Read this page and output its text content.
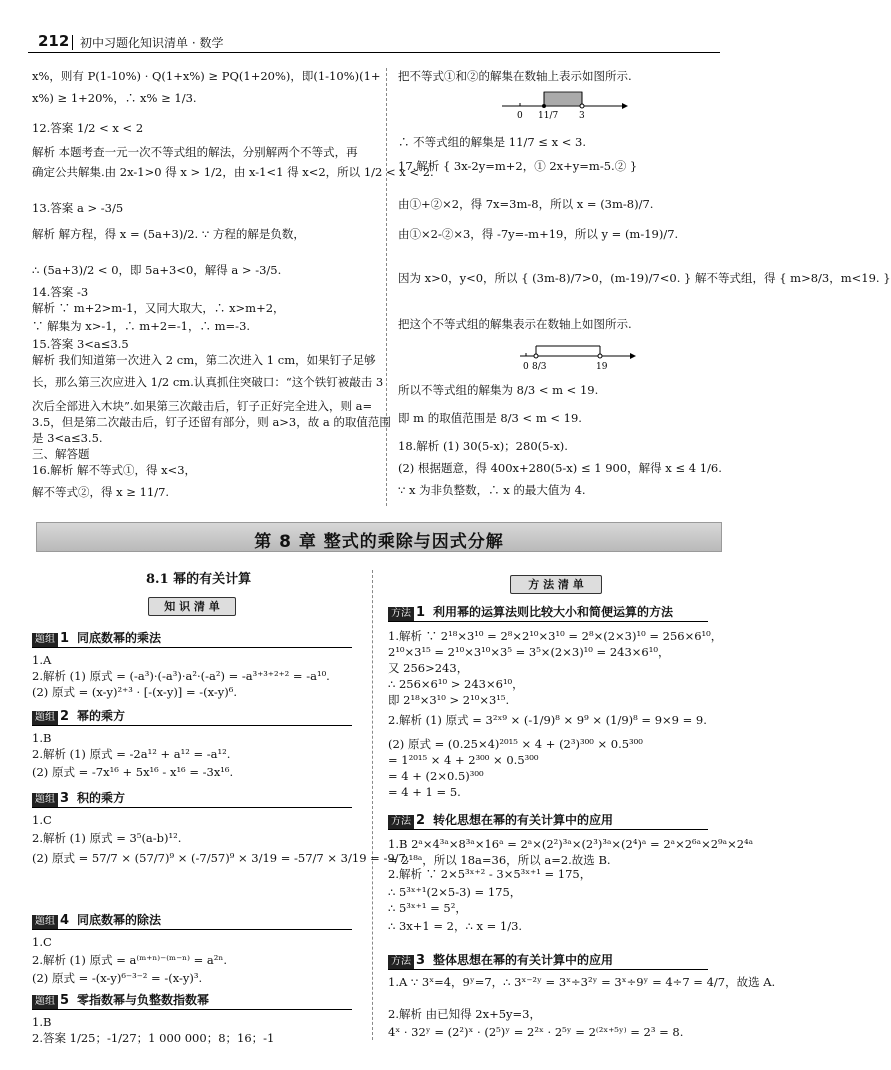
212 初中习题化知识清单 · 数学
x%，则有 P(1-10%) · Q(1+x%) ≥ PQ(1+20%)，即(1-10%)(1+
x%) ≥ 1+20%，∴ x% ≥ 1/3.
12.答案 1/2 < x < 2
解析 本题考查一元一次不等式组的解法，分别解两个不等式，再
确定公共解集.由 2x-1>0 得 x > 1/2，由 x-1<1 得 x<2，所以 1/2 < x < 2.
13.答案 a > -3/5
解析 解方程，得 x = (5a+3)/2. ∵ 方程的解是负数，
∴ (5a+3)/2 < 0，即 5a+3<0，解得 a > -3/5.
14.答案 -3
解析 ∵ m+2>m-1，又同大取大，∴ x>m+2，
∵ 解集为 x>-1，∴ m+2=-1，∴ m=-3.
15.答案 3<a≤3.5
解析 我们知道第一次进入 2 cm，第二次进入 1 cm，如果钉子足够
长，那么第三次应进入 1/2 cm.认真抓住突破口：“这个铁钉被敲击 3
次后全部进入木块”.如果第三次敲击后，钉子正好完全进入，则 a=
3.5，但是第二次敲击后，钉子还留有部分，则 a>3，故 a 的取值范围
是 3<a≤3.5.
三、解答题
16.解析 解不等式①，得 x<3，
解不等式②，得 x ≥ 11/7.
把不等式①和②的解集在数轴上表示如图所示.
∴ 不等式组的解集是 11/7 ≤ x < 3.
17.解析 { 3x-2y=m+2，① 2x+y=m-5.② }
由①+②×2，得 7x=3m-8，所以 x = (3m-8)/7.
由①×2-②×3，得 -7y=-m+19，所以 y = (m-19)/7.
因为 x>0，y<0，所以 { (3m-8)/7>0，(m-19)/7<0. } 解不等式组，得 { m>8/3，m<19. }
把这个不等式组的解集表示在数轴上如图所示.
所以不等式组的解集为 8/3 < m < 19.
即 m 的取值范围是 8/3 < m < 19.
18.解析 (1) 30(5-x)；280(5-x).
(2) 根据题意，得 400x+280(5-x) ≤ 1 900，解得 x ≤ 4 1/6.
∵ x 为非负整数，∴ x 的最大值为 4.
0 11/7 3
0 8/3	19
第 8 章 整式的乘除与因式分解
8.1 幂的有关计算
知 识 清 单
方 法 清 单
题组 1 同底数幂的乘法
1.A
2.解析 (1) 原式 = (-a³)·(-a³)·a²·(-a²) = -a³⁺³⁺²⁺² = -a¹⁰.
(2) 原式 = (x-y)²⁺³ · [-(x-y)] = -(x-y)⁶.
题组 2 幂的乘方
1.B
2.解析 (1) 原式 = -2a¹² + a¹² = -a¹².
(2) 原式 = -7x¹⁶ + 5x¹⁶ - x¹⁶ = -3x¹⁶.
题组 3 积的乘方
1.C
2.解析 (1) 原式 = 3⁵(a-b)¹².
(2) 原式 = 57/7 × (57/7)⁹ × (-7/57)⁹ × 3/19 = -57/7 × 3/19 = -9/7.
题组 4 同底数幂的除法
1.C
2.解析 (1) 原式 = a⁽ᵐ⁺ⁿ⁾⁻⁽ᵐ⁻ⁿ⁾ = a²ⁿ.
(2) 原式 = -(x-y)⁶⁻³⁻² = -(x-y)³.
题组 5 零指数幂与负整数指数幂
1.B
2.答案 1/25；-1/27；1 000 000；8；16；-1
方法 1 利用幂的运算法则比较大小和简便运算的方法
1.解析 ∵ 2¹⁸×3¹⁰ = 2⁸×2¹⁰×3¹⁰ = 2⁸×(2×3)¹⁰ = 256×6¹⁰，
2¹⁰×3¹⁵ = 2¹⁰×3¹⁰×3⁵ = 3⁵×(2×3)¹⁰ = 243×6¹⁰，
又 256>243，
∴ 256×6¹⁰ > 243×6¹⁰，
即 2¹⁸×3¹⁰ > 2¹⁰×3¹⁵.
2.解析 (1) 原式 = 3²ˣ⁹ × (-1/9)⁸ × 9⁹ × (1/9)⁸ = 9×9 = 9.
(2) 原式 = (0.25×4)²⁰¹⁵ × 4 + (2³)³⁰⁰ × 0.5³⁰⁰
= 1²⁰¹⁵ × 4 + 2³⁰⁰ × 0.5³⁰⁰
= 4 + (2×0.5)³⁰⁰
= 4 + 1 = 5.
方法 2 转化思想在幂的有关计算中的应用
1.B 2ᵃ×4³ᵃ×8³ᵃ×16ᵃ = 2ᵃ×(2²)³ᵃ×(2³)³ᵃ×(2⁴)ᵃ = 2ᵃ×2⁶ᵃ×2⁹ᵃ×2⁴ᵃ
= 2¹⁸ᵃ，所以 18a=36，所以 a=2.故选 B.
2.解析 ∵ 2×5³ˣ⁺² - 3×5³ˣ⁺¹ = 175，
∴ 5³ˣ⁺¹(2×5-3) = 175，
∴ 5³ˣ⁺¹ = 5²，
∴ 3x+1 = 2，∴ x = 1/3.
方法 3 整体思想在幂的有关计算中的应用
1.A ∵ 3ˣ=4，9ʸ=7，∴ 3ˣ⁻²ʸ = 3ˣ÷3²ʸ = 3ˣ÷9ʸ = 4÷7 = 4/7，故选 A.
2.解析 由已知得 2x+5y=3，
4ˣ · 32ʸ = (2²)ˣ · (2⁵)ʸ = 2²ˣ · 2⁵ʸ = 2⁽²ˣ⁺⁵ʸ⁾ = 2³ = 8.
